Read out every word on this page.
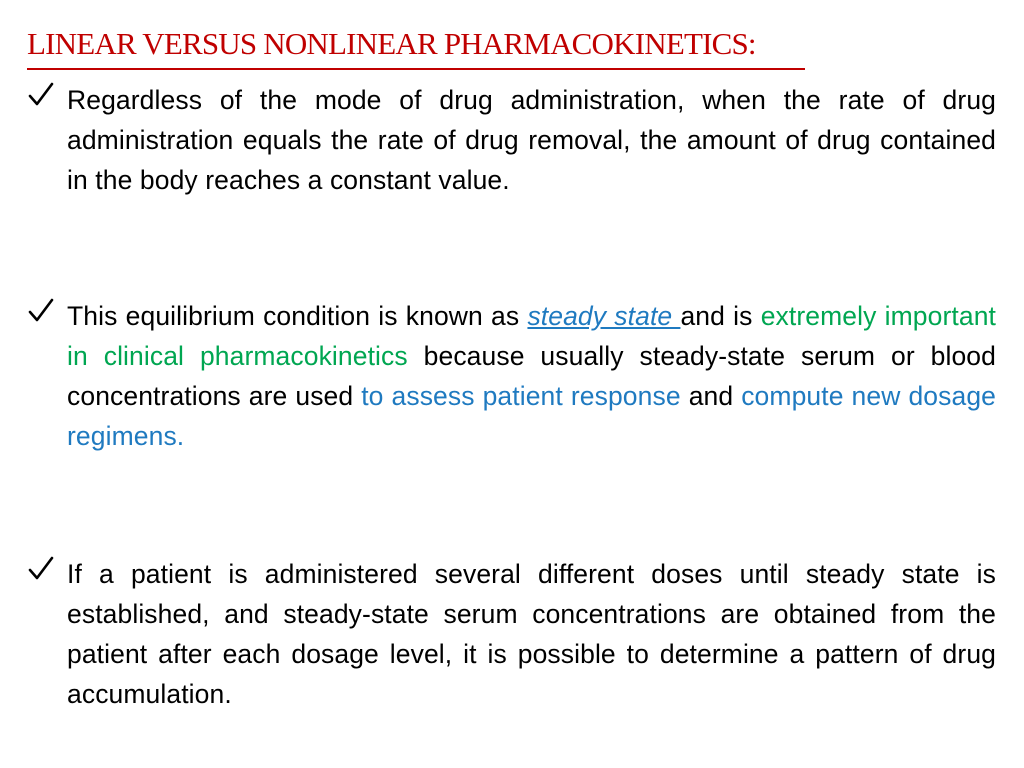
LINEAR VERSUS NONLINEAR PHARMACOKINETICS:
Regardless of the mode of drug administration, when the rate of drug administration equals the rate of drug removal, the amount of drug contained in the body reaches a constant value.
This equilibrium condition is known as steady state and is extremely important in clinical pharmacokinetics because usually steady-state serum or blood concentrations are used to assess patient response and compute new dosage regimens.
If a patient is administered several different doses until steady state is established, and steady-state serum concentrations are obtained from the patient after each dosage level, it is possible to determine a pattern of drug accumulation.
